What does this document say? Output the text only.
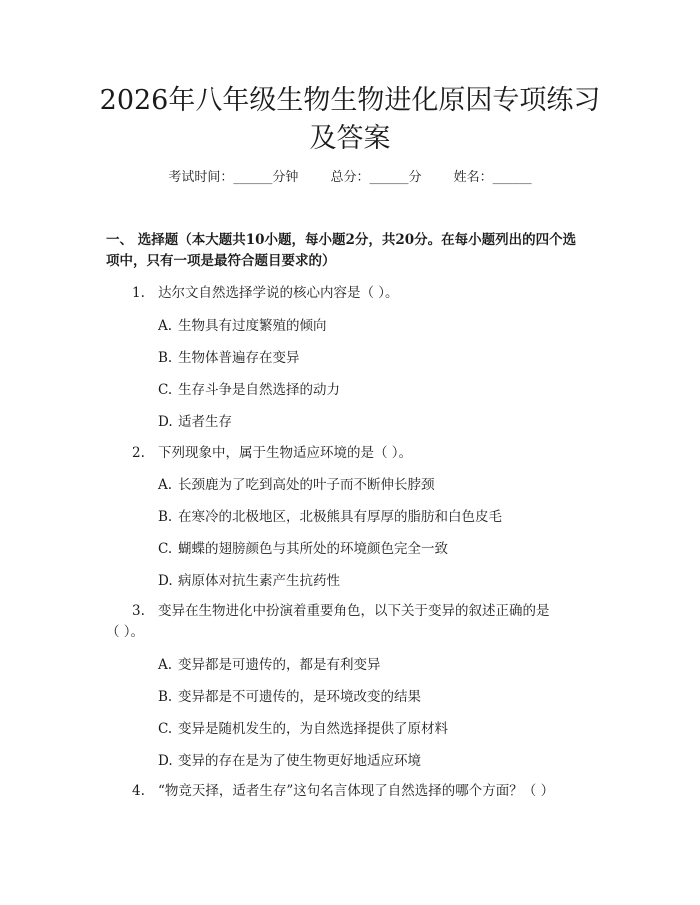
2026年八年级生物生物进化原因专项练习及答案
考试时间：______分钟 总分：______分 姓名：______
一、 选择题（本大题共10小题，每小题2分，共20分。在每小题列出的四个选
项中，只有一项是最符合题目要求的）
1. 达尔文自然选择学说的核心内容是（ ）。
A. 生物具有过度繁殖的倾向
B. 生物体普遍存在变异
C. 生存斗争是自然选择的动力
D. 适者生存
2. 下列现象中，属于生物适应环境的是（ ）。
A. 长颈鹿为了吃到高处的叶子而不断伸长脖颈
B. 在寒冷的北极地区，北极熊具有厚厚的脂肪和白色皮毛
C. 蝴蝶的翅膀颜色与其所处的环境颜色完全一致
D. 病原体对抗生素产生抗药性
3. 变异在生物进化中扮演着重要角色，以下关于变异的叙述正确的是
（ ）。
A. 变异都是可遗传的，都是有利变异
B. 变异都是不可遗传的，是环境改变的结果
C. 变异是随机发生的，为自然选择提供了原材料
D. 变异的存在是为了使生物更好地适应环境
4. “物竞天择，适者生存”这句名言体现了自然选择的哪个方面？（ ）
